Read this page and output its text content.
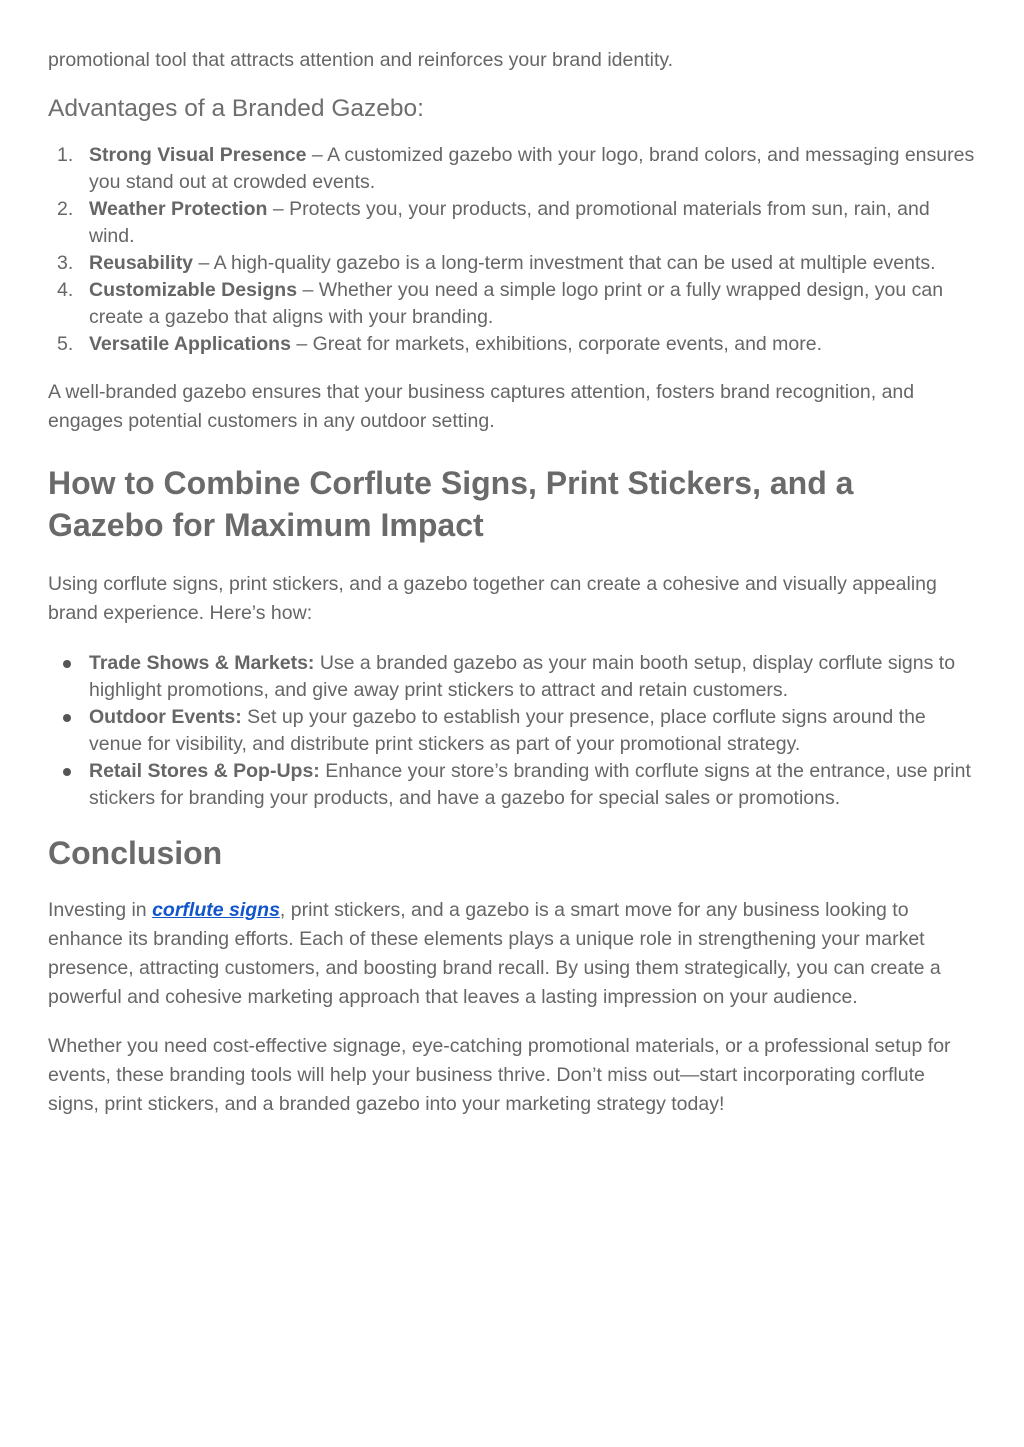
promotional tool that attracts attention and reinforces your brand identity.

Advantages of a Branded Gazebo:
1. Strong Visual Presence – A customized gazebo with your logo, brand colors, and messaging ensures you stand out at crowded events.
2. Weather Protection – Protects you, your products, and promotional materials from sun, rain, and wind.
3. Reusability – A high-quality gazebo is a long-term investment that can be used at multiple events.
4. Customizable Designs – Whether you need a simple logo print or a fully wrapped design, you can create a gazebo that aligns with your branding.
5. Versatile Applications – Great for markets, exhibitions, corporate events, and more.

A well-branded gazebo ensures that your business captures attention, fosters brand recognition, and engages potential customers in any outdoor setting.

How to Combine Corflute Signs, Print Stickers, and a Gazebo for Maximum Impact

Using corflute signs, print stickers, and a gazebo together can create a cohesive and visually appealing brand experience. Here’s how:

Trade Shows & Markets: Use a branded gazebo as your main booth setup, display corflute signs to highlight promotions, and give away print stickers to attract and retain customers.
Outdoor Events: Set up your gazebo to establish your presence, place corflute signs around the venue for visibility, and distribute print stickers as part of your promotional strategy.
Retail Stores & Pop-Ups: Enhance your store’s branding with corflute signs at the entrance, use print stickers for branding your products, and have a gazebo for special sales or promotions.
Conclusion

Investing in corflute signs, print stickers, and a gazebo is a smart move for any business looking to enhance its branding efforts. Each of these elements plays a unique role in strengthening your market presence, attracting customers, and boosting brand recall. By using them strategically, you can create a powerful and cohesive marketing approach that leaves a lasting impression on your audience.

Whether you need cost-effective signage, eye-catching promotional materials, or a professional setup for events, these branding tools will help your business thrive. Don’t miss out—start incorporating corflute signs, print stickers, and a branded gazebo into your marketing strategy today!
